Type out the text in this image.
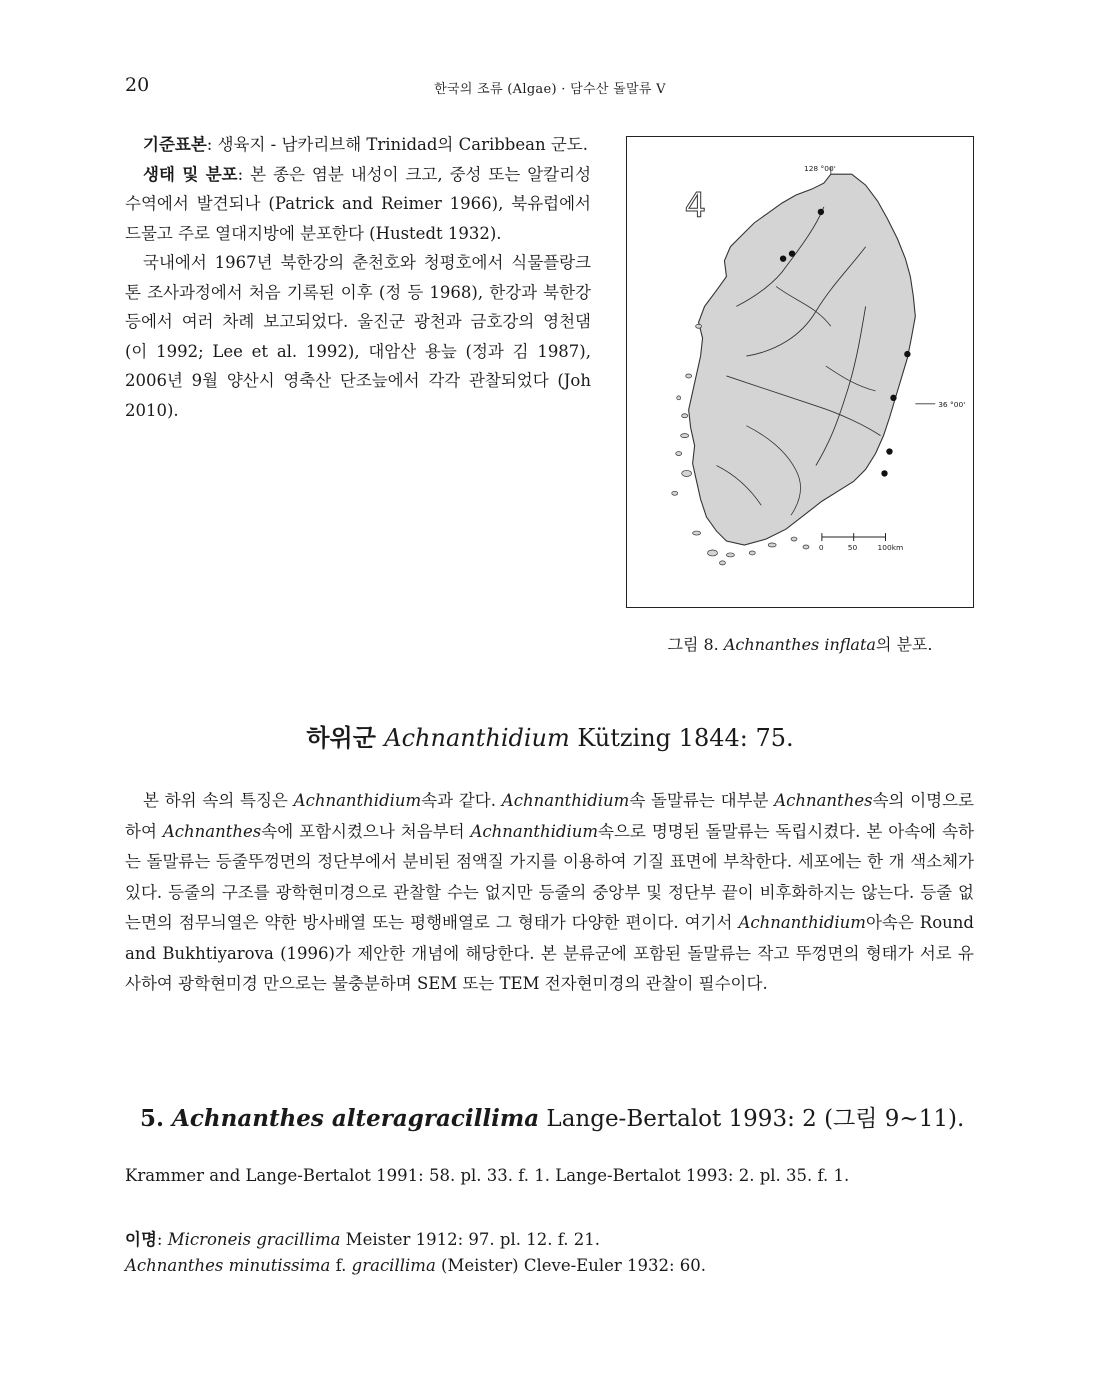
20	한국의 조류 (Algae) · 담수산 돌말류 V

기준표본: 생육지 - 남카리브해 Trinidad의 Caribbean 군도.

생태 및 분포: 본 종은 염분 내성이 크고, 중성 또는 알칼리성 수역에서 발견되나 (Patrick and Reimer 1966), 북유럽에서 드물고 주로 열대지방에 분포한다 (Hustedt 1932).

국내에서 1967년 북한강의 춘천호와 청평호에서 식물플랑크톤 조사과정에서 처음 기록된 이후 (정 등 1968), 한강과 북한강 등에서 여러 차례 보고되었다. 울진군 광천과 금호강의 영천댐 (이 1992; Lee et al. 1992), 대암산 용늪 (정과 김 1987), 2006년 9월 양산시 영축산 단조늪에서 각각 관찰되었다 (Joh 2010).

128 °00'
36 °00'
4
0	50	100km
그림 8. Achnanthes inflata의 분포.
하위군 Achnanthidium Kützing 1844: 75.

본 하위 속의 특징은 Achnanthidium속과 같다. Achnanthidium속 돌말류는 대부분 Achnanthes속의 이명으로 하여 Achnanthes속에 포함시켰으나 처음부터 Achnanthidium속으로 명명된 돌말류는 독립시켰다. 본 아속에 속하는 돌말류는 등줄뚜껑면의 정단부에서 분비된 점액질 가지를 이용하여 기질 표면에 부착한다. 세포에는 한 개 색소체가 있다. 등줄의 구조를 광학현미경으로 관찰할 수는 없지만 등줄의 중앙부 및 정단부 끝이 비후화하지는 않는다. 등줄 없는면의 점무늬열은 약한 방사배열 또는 평행배열로 그 형태가 다양한 편이다. 여기서 Achnanthidium아속은 Round and Bukhtiyarova (1996)가 제안한 개념에 해당한다. 본 분류군에 포함된 돌말류는 작고 뚜껑면의 형태가 서로 유사하여 광학현미경 만으로는 불충분하며 SEM 또는 TEM 전자현미경의 관찰이 필수이다.

5. Achnanthes alteragracillima Lange-Bertalot 1993: 2 (그림 9~11).
Krammer and Lange-Bertalot 1991: 58. pl. 33. f. 1. Lange-Bertalot 1993: 2. pl. 35. f. 1.
이명: Microneis gracillima Meister 1912: 97. pl. 12. f. 21.
Achnanthes minutissima f. gracillima (Meister) Cleve-Euler 1932: 60.
